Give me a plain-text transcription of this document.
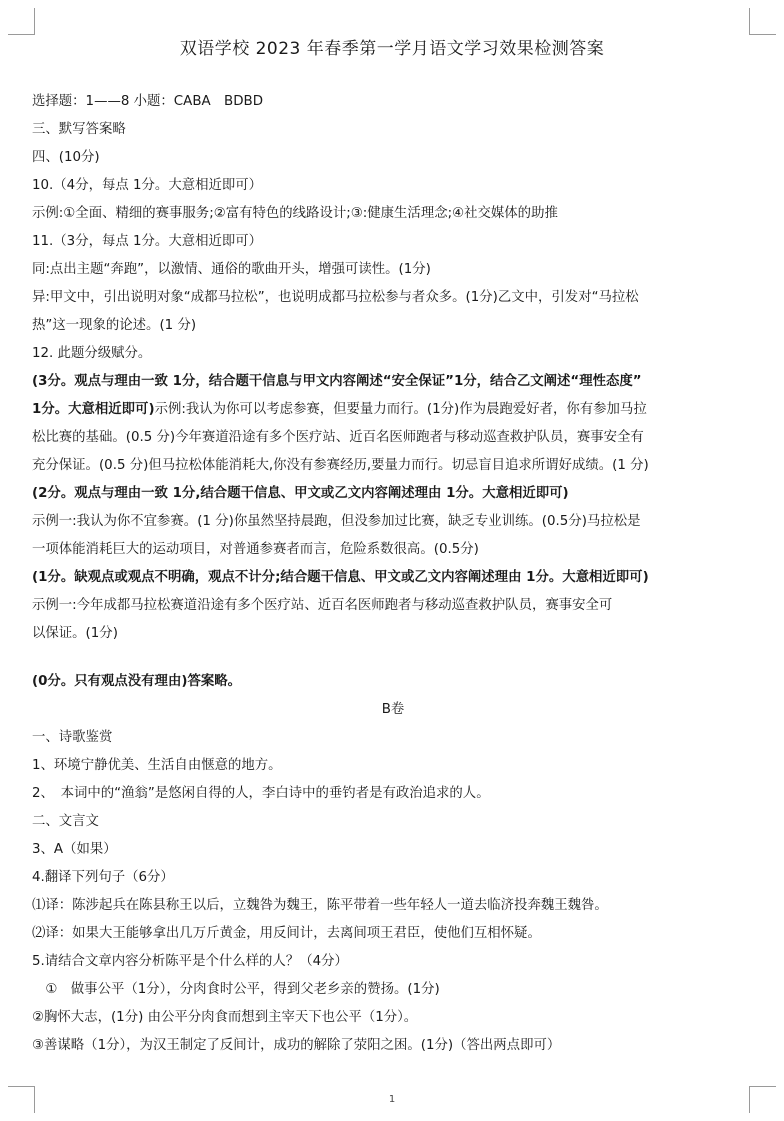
双语学校 2023 年春季第一学月语文学习效果检测答案
选择题：1——8 小题：CABA　BDBD
三、默写答案略
四、(10分)
10.（4分，每点 1分。大意相近即可）
示例:①全面、精细的赛事服务;②富有特色的线路设计;③:健康生活理念;④社交媒体的助推
11.（3分，每点 1分。大意相近即可）
同:点出主题“奔跑”，以激情、通俗的歌曲开头，增强可读性。(1分)
异:甲文中，引出说明对象“成都马拉松”，也说明成都马拉松参与者众多。(1分)乙文中，引发对“马拉松
热”这一现象的论述。(1 分)
12. 此题分级赋分。
(3分。观点与理由一致 1分，结合题干信息与甲文内容阐述“安全保证”1分，结合乙文阐述“理性态度”
1分。大意相近即可)示例:我认为你可以考虑参赛，但要量力而行。(1分)作为晨跑爱好者，你有参加马拉
松比赛的基础。(0.5 分)今年赛道沿途有多个医疗站、近百名医师跑者与移动巡查救护队员，赛事安全有
充分保证。(0.5 分)但马拉松体能消耗大,你没有参赛经历,要量力而行。切忌盲目追求所谓好成绩。(1 分)
(2分。观点与理由一致 1分,结合题干信息、甲文或乙文内容阐述理由 1分。大意相近即可)
示例一:我认为你不宜参赛。(1 分)你虽然坚持晨跑，但没参加过比赛，缺乏专业训练。(0.5分)马拉松是
一项体能消耗巨大的运动项目，对普通参赛者而言，危险系数很高。(0.5分)
(1分。缺观点或观点不明确，观点不计分;结合题干信息、甲文或乙文内容阐述理由 1分。大意相近即可)
示例一:今年成都马拉松赛道沿途有多个医疗站、近百名医师跑者与移动巡查救护队员，赛事安全可
以保证。(1分)
(0分。只有观点没有理由)答案略。
B卷
一、诗歌鉴赏
1、环境宁静优美、生活自由惬意的地方。
2、　本词中的“渔翁”是悠闲自得的人，李白诗中的垂钓者是有政治追求的人。
二、文言文
3、A（如果）
4.翻译下列句子（6分）
⑴译：陈涉起兵在陈县称王以后，立魏咎为魏王，陈平带着一些年轻人一道去临济投奔魏王魏咎。
⑵译：如果大王能够拿出几万斤黄金，用反间计，去离间项王君臣，使他们互相怀疑。
5.请结合文章内容分析陈平是个什么样的人？（4分）
　①　做事公平（1分），分肉食时公平，得到父老乡亲的赞扬。(1分)
②胸怀大志，(1分) 由公平分肉食而想到主宰天下也公平（1分）。
③善谋略（1分），为汉王制定了反间计，成功的解除了荥阳之困。(1分)（答出两点即可）
1
